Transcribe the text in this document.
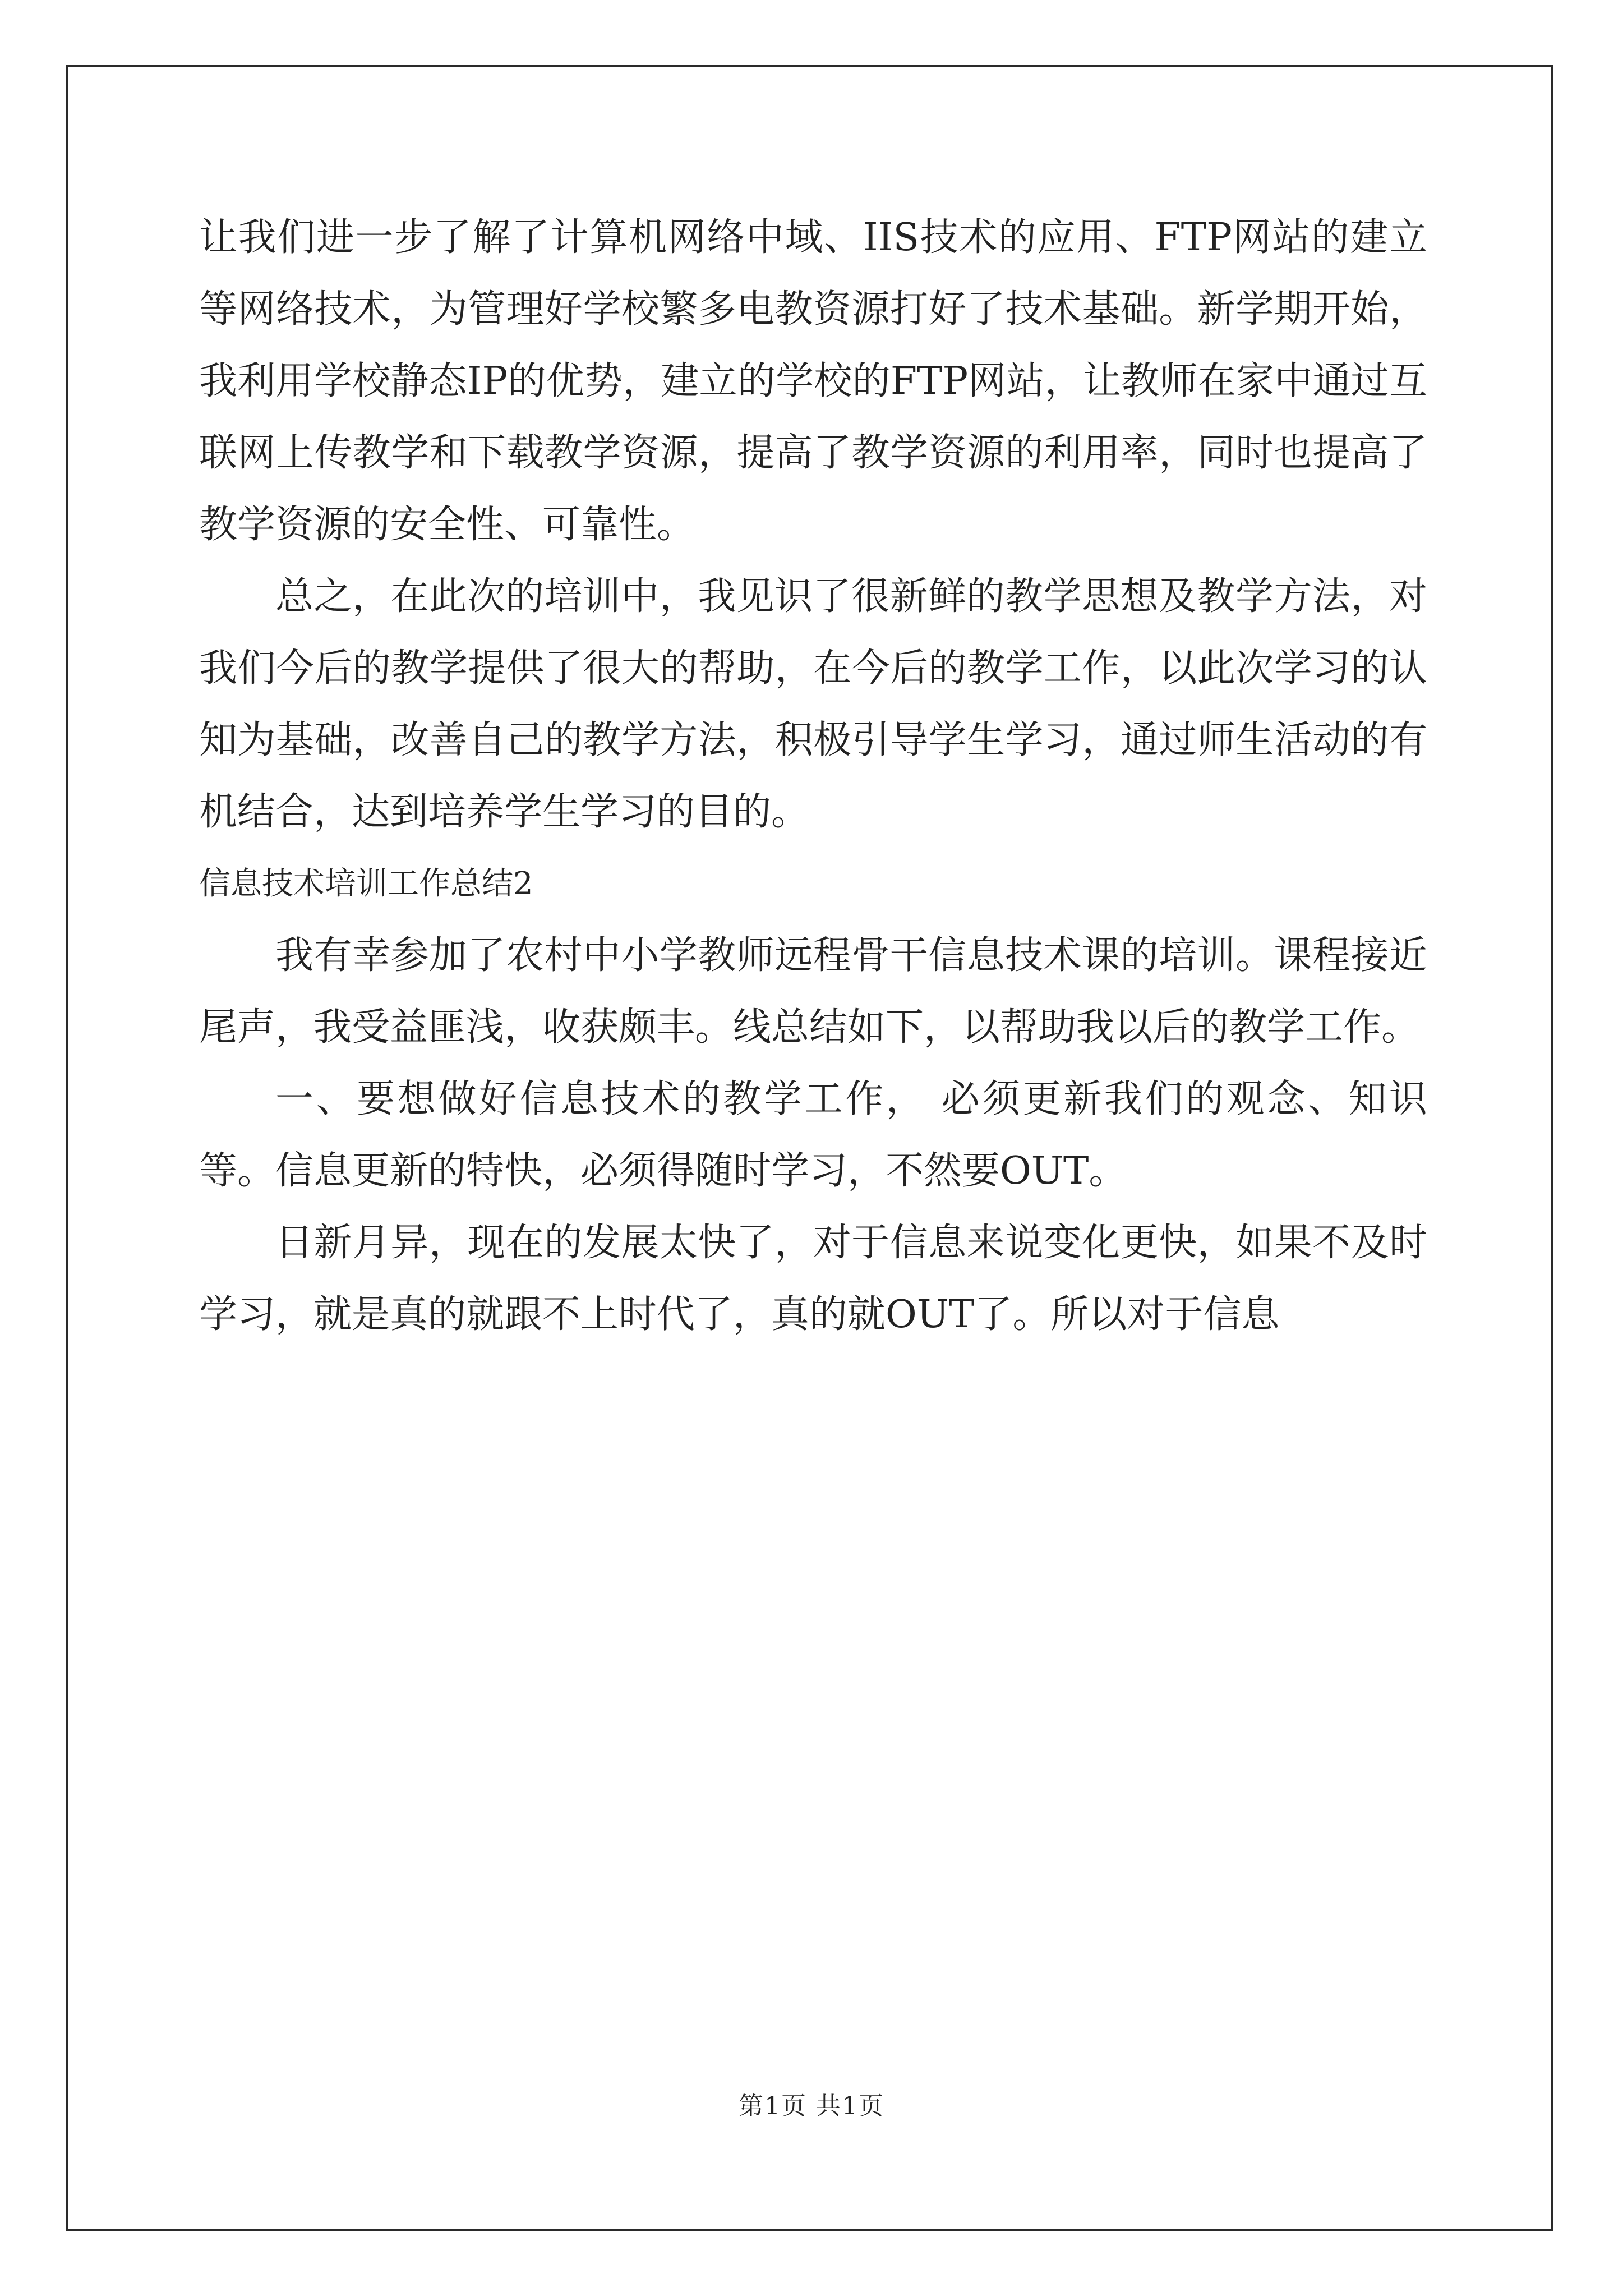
让我们进一步了解了计算机网络中域、IIS技术的应用、FTP网站的建立等网络技术，为管理好学校繁多电教资源打好了技术基础。新学期开始，我利用学校静态IP的优势，建立的学校的FTP网站，让教师在家中通过互联网上传教学和下载教学资源，提高了教学资源的利用率，同时也提高了教学资源的安全性、可靠性。

总之，在此次的培训中，我见识了很新鲜的教学思想及教学方法，对我们今后的教学提供了很大的帮助，在今后的教学工作，以此次学习的认知为基础，改善自己的教学方法，积极引导学生学习，通过师生活动的有机结合，达到培养学生学习的目的。

信息技术培训工作总结2

我有幸参加了农村中小学教师远程骨干信息技术课的培训。课程接近尾声，我受益匪浅，收获颇丰。线总结如下，以帮助我以后的教学工作。

一、要想做好信息技术的教学工作， 必须更新我们的观念、知识等。信息更新的特快，必须得随时学习，不然要OUT。

日新月异，现在的发展太快了，对于信息来说变化更快，如果不及时学习，就是真的就跟不上时代了，真的就OUT了。所以对于信息

第1页 共1页
